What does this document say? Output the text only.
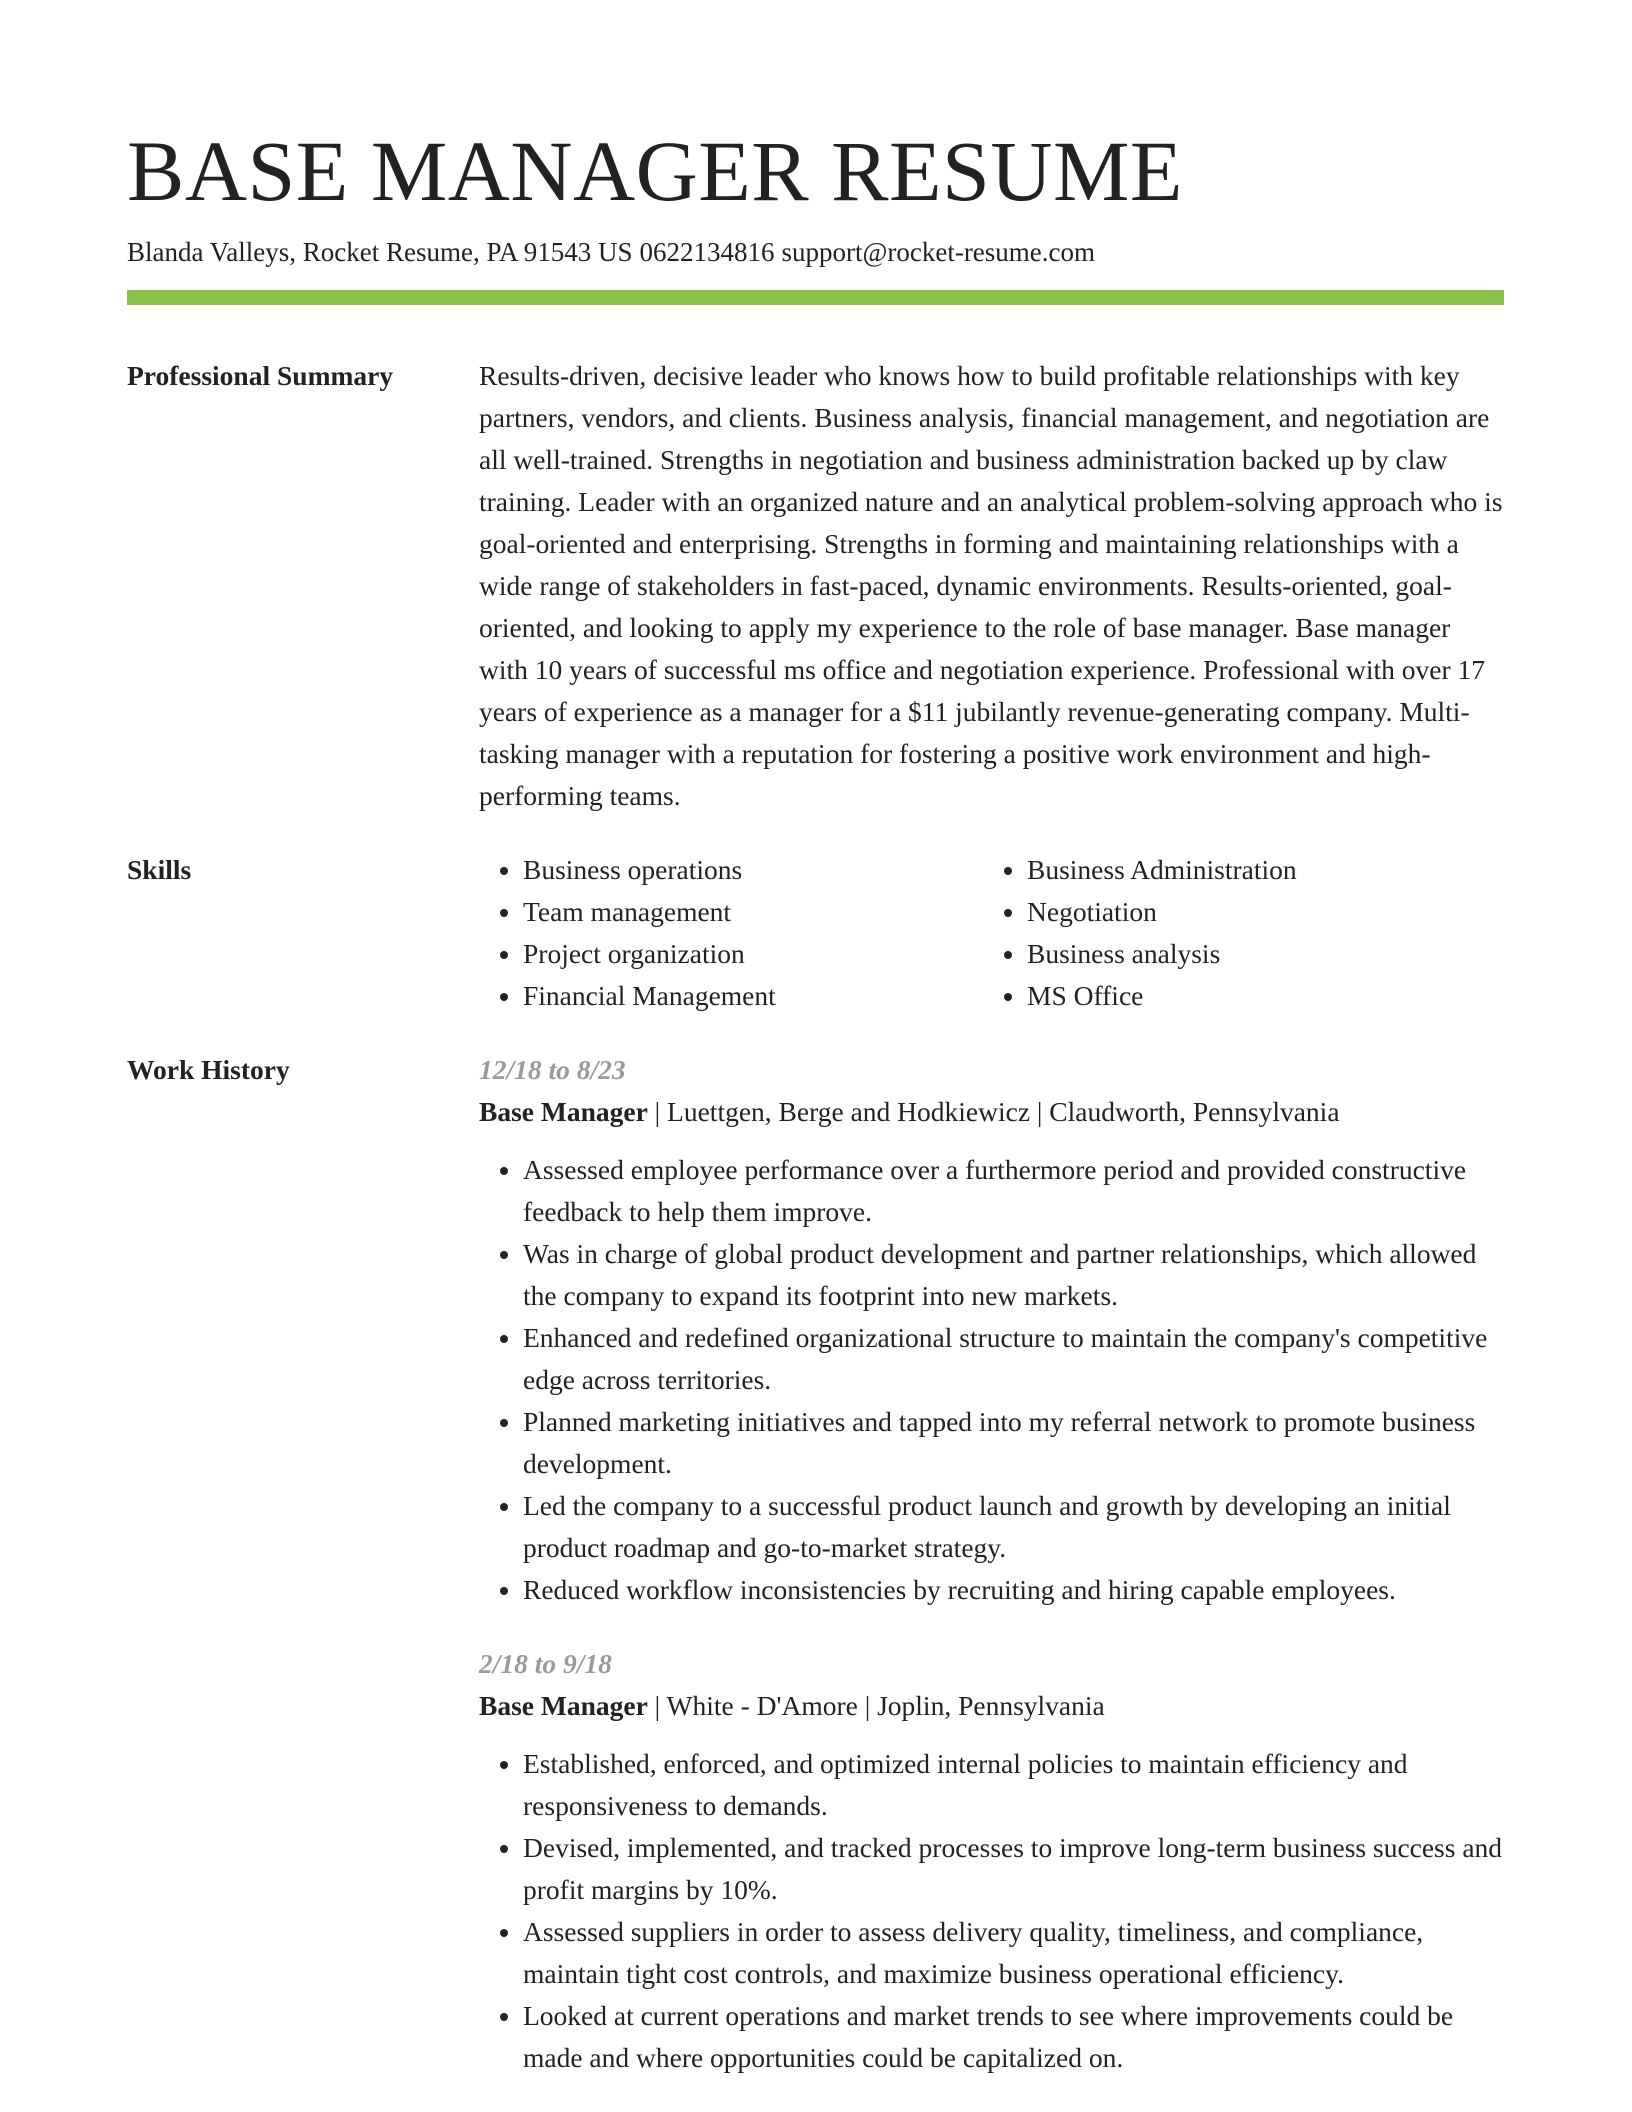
BASE MANAGER RESUME
Blanda Valleys, Rocket Resume, PA 91543 US 0622134816 support@rocket-resume.com
Professional Summary	Results-driven, decisive leader who knows how to build profitable relationships with key partners, vendors, and clients. Business analysis, financial management, and negotiation are all well-trained. Strengths in negotiation and business administration backed up by claw training. Leader with an organized nature and an analytical problem-solving approach who is goal-oriented and enterprising. Strengths in forming and maintaining relationships with a wide range of stakeholders in fast-paced, dynamic environments. Results-oriented, goal-oriented, and looking to apply my experience to the role of base manager. Base manager with 10 years of successful ms office and negotiation experience. Professional with over 17 years of experience as a manager for a $11 jubilantly revenue-generating company. Multi-tasking manager with a reputation for fostering a positive work environment and high-performing teams.

Skills
•	Business operations
• Team management
• Project organization
• Financial Management
• Business Administration
• Negotiation
• Business analysis
• MS Office
Work History	12/18 to 8/23
Base Manager | Luettgen, Berge and Hodkiewicz | Claudworth, Pennsylvania
• Assessed employee performance over a furthermore period and provided constructive feedback to help them improve.
• Was in charge of global product development and partner relationships, which allowed the company to expand its footprint into new markets.
• Enhanced and redefined organizational structure to maintain the company's competitive edge across territories.
• Planned marketing initiatives and tapped into my referral network to promote business development.
• Led the company to a successful product launch and growth by developing an initial product roadmap and go-to-market strategy.
• Reduced workflow inconsistencies by recruiting and hiring capable employees.
2/18 to 9/18
Base Manager | White - D'Amore | Joplin, Pennsylvania
• Established, enforced, and optimized internal policies to maintain efficiency and responsiveness to demands.
• Devised, implemented, and tracked processes to improve long-term business success and profit margins by 10%.
• Assessed suppliers in order to assess delivery quality, timeliness, and compliance, maintain tight cost controls, and maximize business operational efficiency.
• Looked at current operations and market trends to see where improvements could be made and where opportunities could be capitalized on.
